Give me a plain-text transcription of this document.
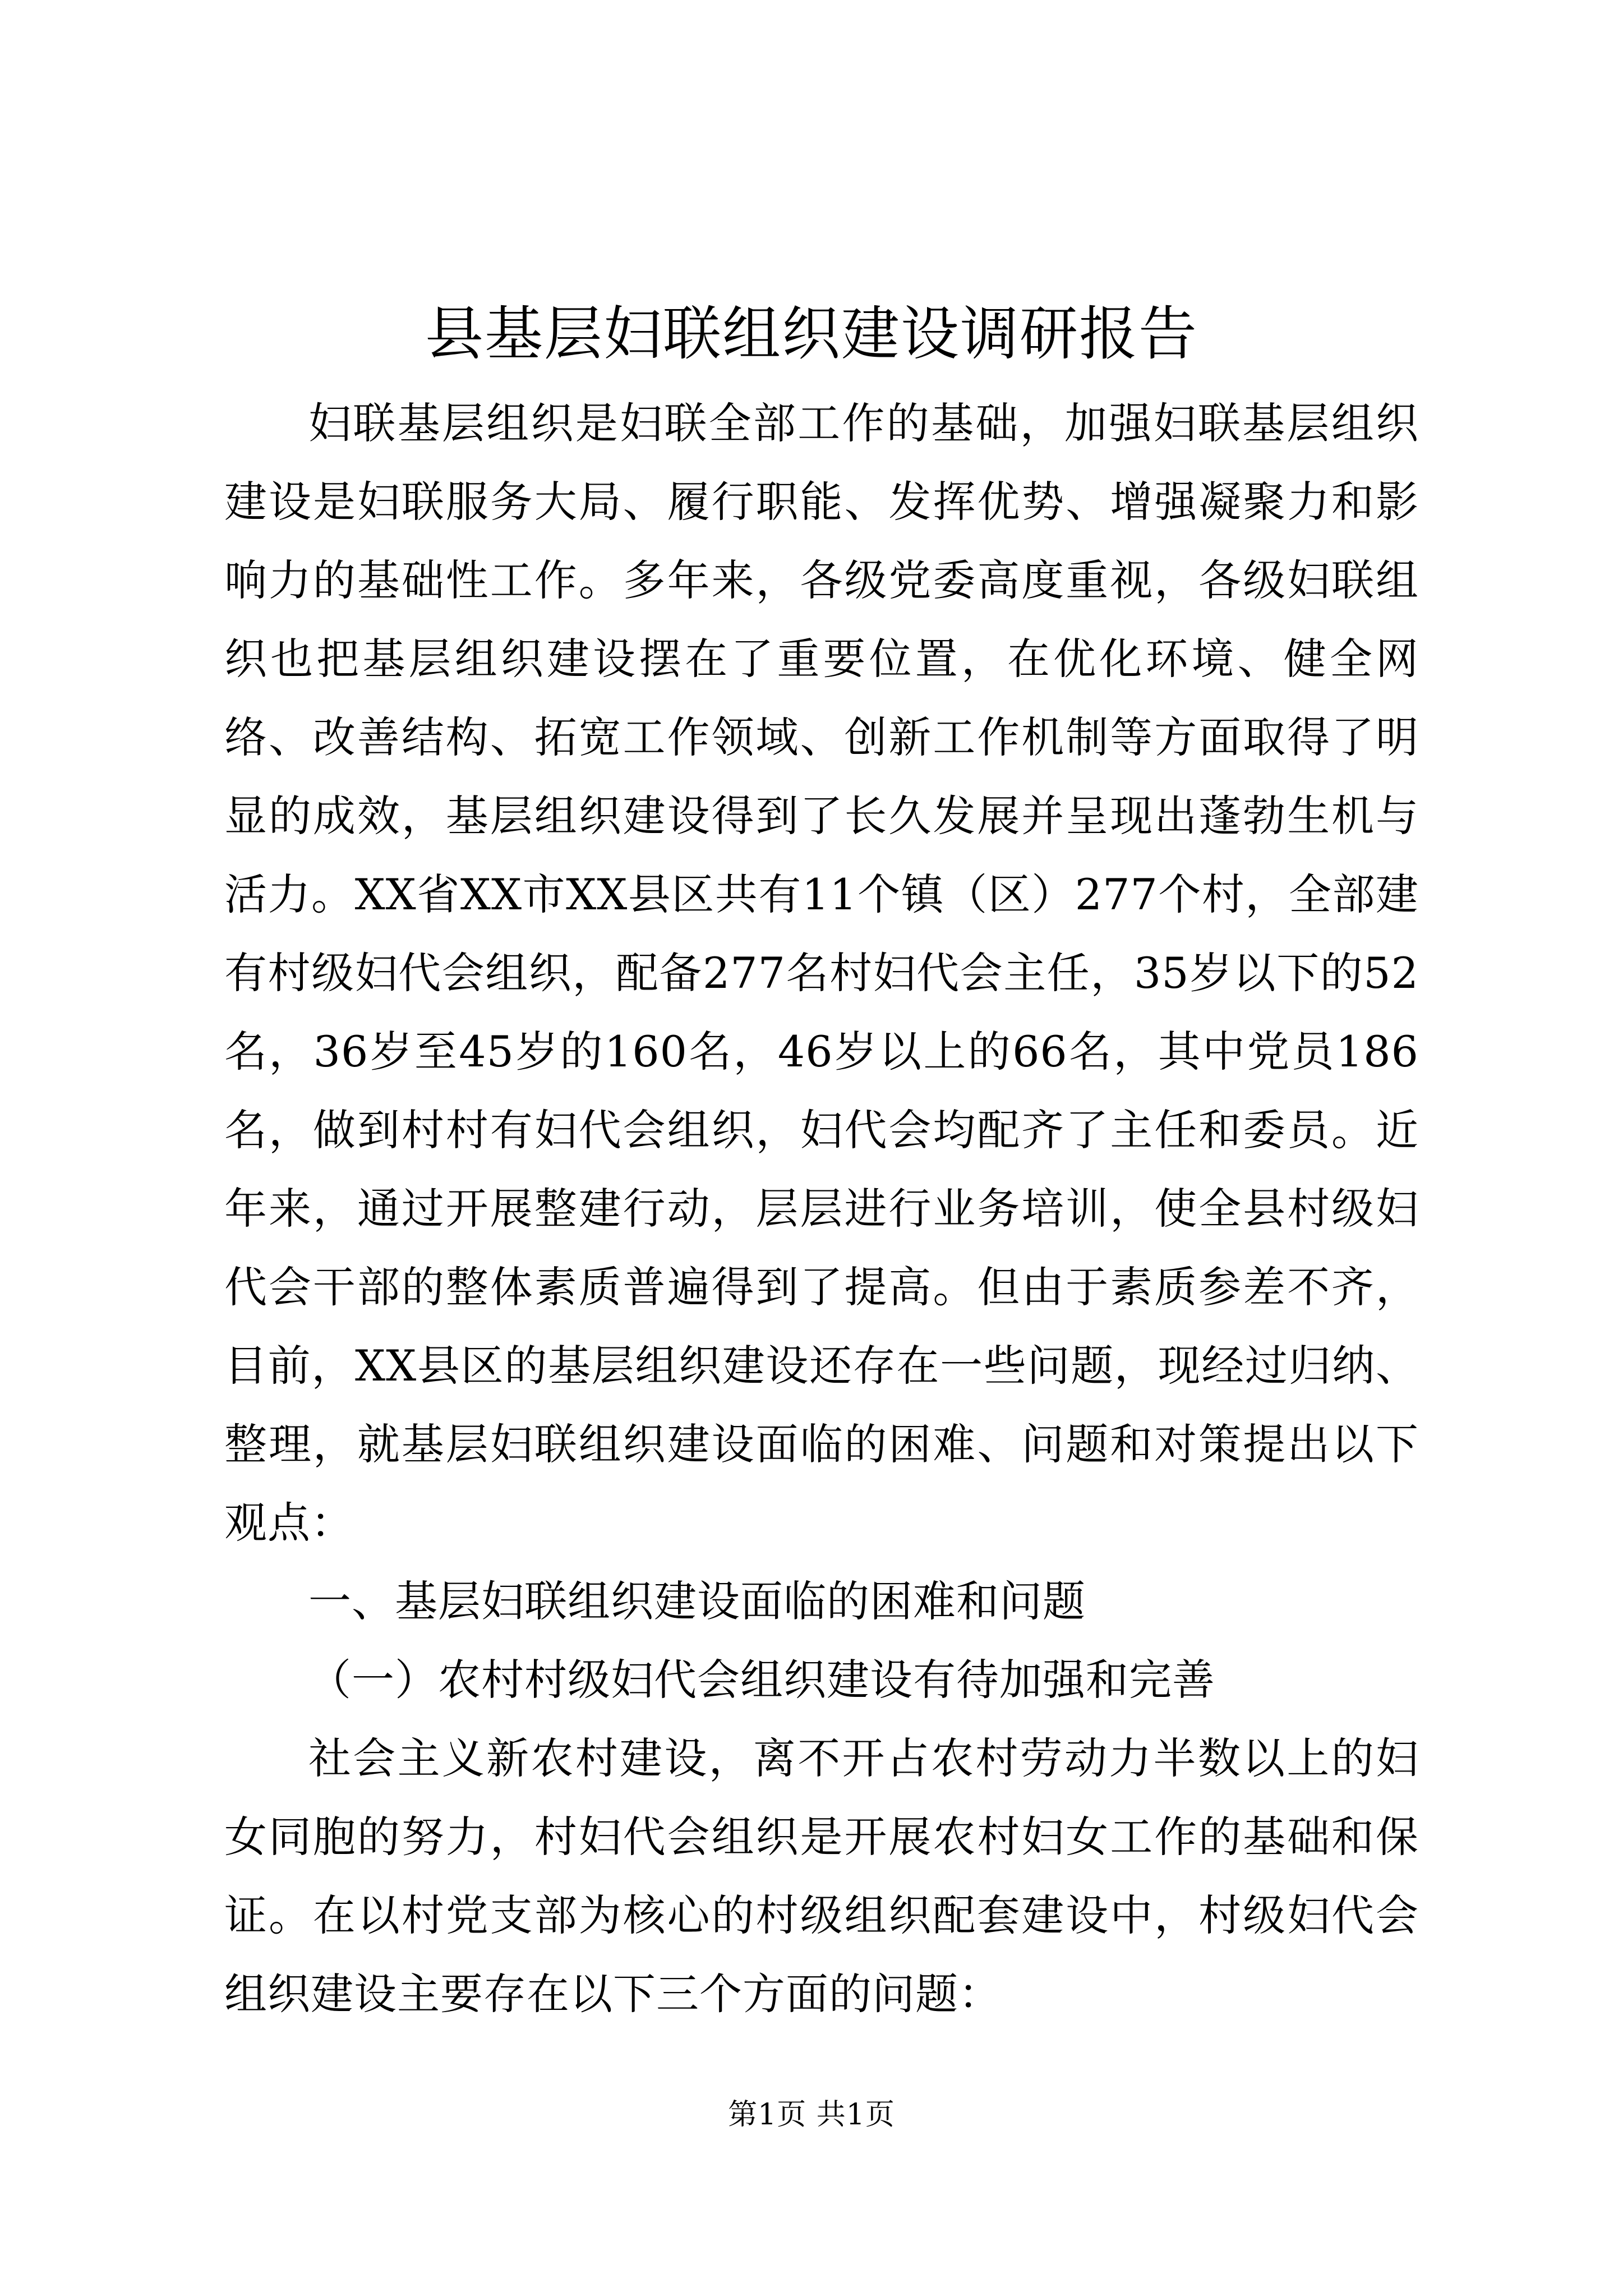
县基层妇联组织建设调研报告

妇联基层组织是妇联全部工作的基础，加强妇联基层组织建设是妇联服务大局、履行职能、发挥优势、增强凝聚力和影响力的基础性工作。多年来，各级党委高度重视，各级妇联组织也把基层组织建设摆在了重要位置，在优化环境、健全网络、改善结构、拓宽工作领域、创新工作机制等方面取得了明显的成效，基层组织建设得到了长久发展并呈现出蓬勃生机与活力。XX省XX市XX县区共有11个镇（区）277个村，全部建有村级妇代会组织，配备277名村妇代会主任，35岁以下的52名，36岁至45岁的160名，46岁以上的66名，其中党员186名，做到村村有妇代会组织，妇代会均配齐了主任和委员。近年来，通过开展整建行动，层层进行业务培训，使全县村级妇代会干部的整体素质普遍得到了提高。但由于素质参差不齐，目前，XX县区的基层组织建设还存在一些问题，现经过归纳、整理，就基层妇联组织建设面临的困难、问题和对策提出以下观点：

一、基层妇联组织建设面临的困难和问题

（一）农村村级妇代会组织建设有待加强和完善

社会主义新农村建设，离不开占农村劳动力半数以上的妇女同胞的努力，村妇代会组织是开展农村妇女工作的基础和保证。在以村党支部为核心的村级组织配套建设中，村级妇代会组织建设主要存在以下三个方面的问题：

第1页 共1页
